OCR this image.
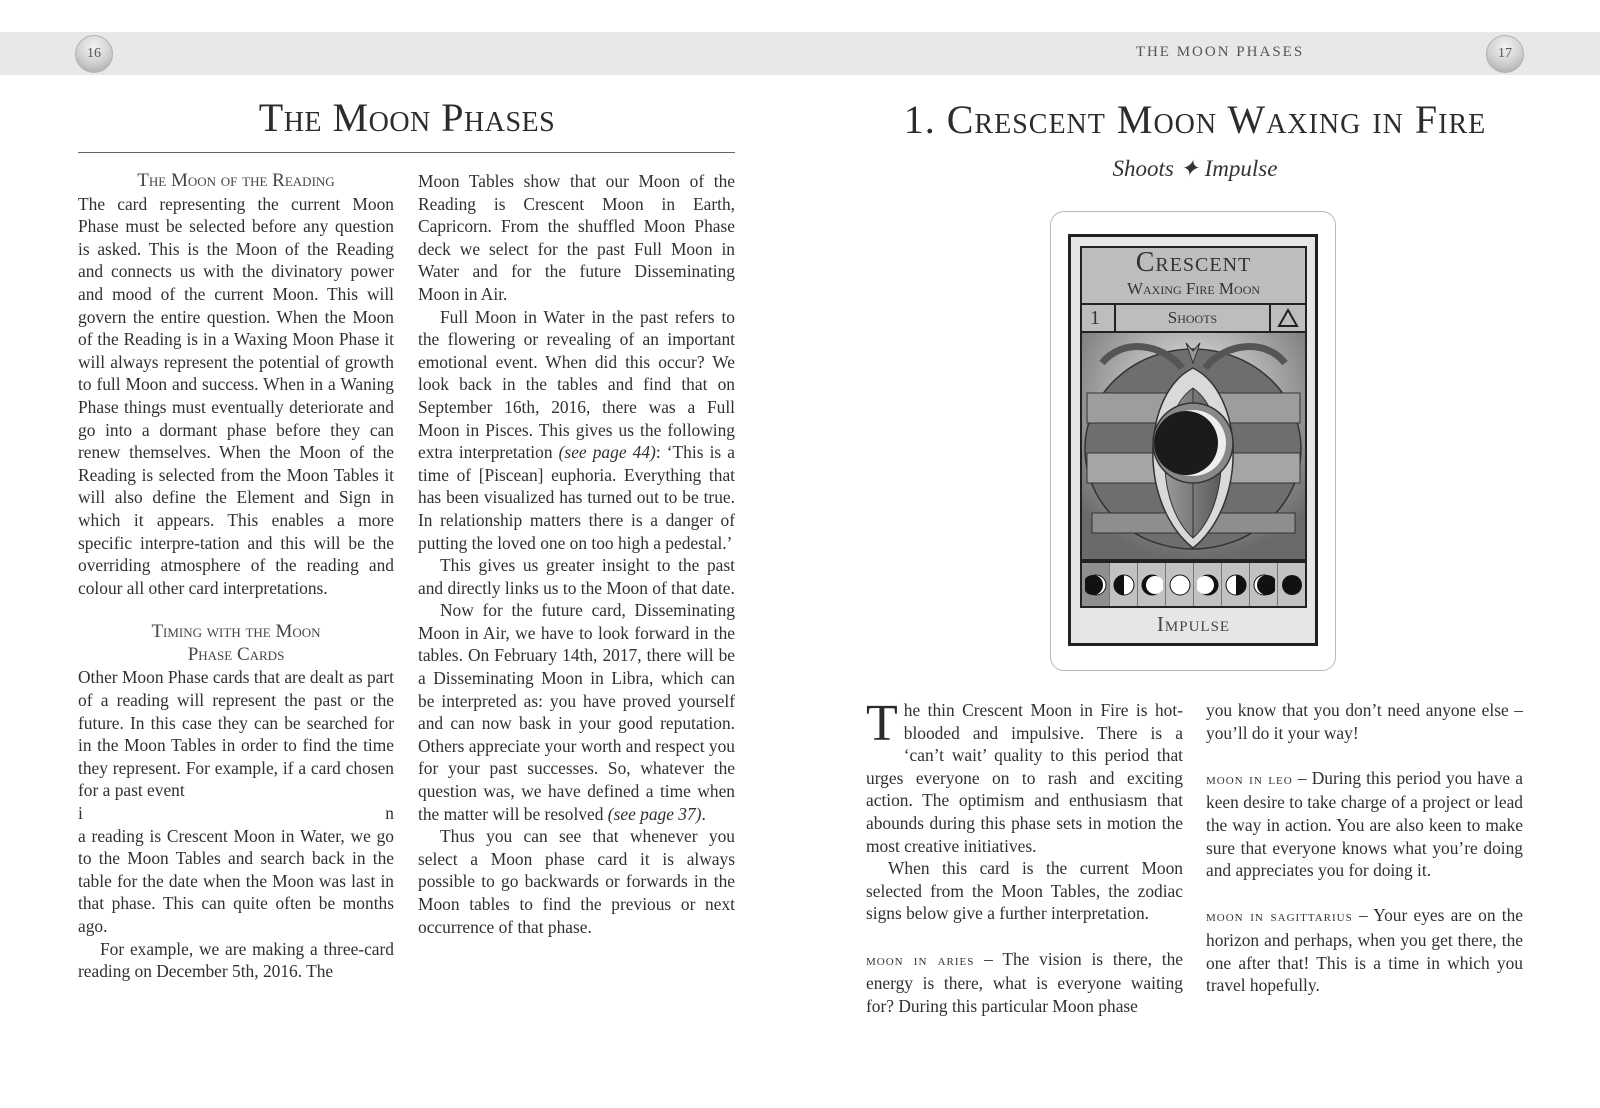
16	THE MOON PHASES	17
The Moon Phases
The Moon of the Reading

The card representing the current Moon Phase must be selected before any question is asked. This is the Moon of the Reading and connects us with the divinatory power and mood of the current Moon. This will govern the entire question. When the Moon of the Reading is in a Waxing Moon Phase it will always represent the potential of growth to full Moon and success. When in a Waning Phase things must eventually deteriorate and go into a dormant phase before they can renew themselves. When the Moon of the Reading is selected from the Moon Tables it will also define the Element and Sign in which it appears. This enables a more specific interpre-tation and this will be the overriding atmosphere of the reading and colour all other card interpretations.

Timing with the Moon
Phase Cards

Other Moon Phase cards that are dealt as part of a reading will represent the past or the future. In this case they can be searched for in the Moon Tables in order to find the time they represent. For example, if a card chosen for a past event

i	n

a reading is Crescent Moon in Water, we go to the Moon Tables and search back in the table for the date when the Moon was last in that phase. This can quite often be months ago.

For example, we are making a three-card reading on December 5th, 2016. The

Moon Tables show that our Moon of the Reading is Crescent Moon in Earth, Capricorn. From the shuffled Moon Phase deck we select for the past Full Moon in Water and for the future Disseminating Moon in Air.

Full Moon in Water in the past refers to the flowering or revealing of an important emotional event. When did this occur? We look back in the tables and find that on September 16th, 2016, there was a Full Moon in Pisces. This gives us the following extra interpretation (see page 44): ‘This is a time of [Piscean] euphoria. Everything that has been visualized has turned out to be true. In relationship matters there is a danger of putting the loved one on too high a pedestal.’

This gives us greater insight to the past and directly links us to the Moon of that date.

Now for the future card, Disseminating Moon in Air, we have to look forward in the tables. On February 14th, 2017, there will be a Disseminating Moon in Libra, which can be interpreted as: you have proved yourself and can now bask in your good reputation. Others appreciate your worth and respect you for your past successes. So, whatever the question was, we have defined a time when the matter will be resolved (see page 37).

Thus you can see that whenever you select a Moon phase card it is always possible to go backwards or forwards in the Moon tables to find the previous or next occurrence of that phase.

1. Crescent Moon Waxing in Fire
Shoots ✦ Impulse
Crescent
Waxing Fire Moon
1	Shoots
Impulse

The thin Crescent Moon in Fire is hot-blooded and impulsive. There is a ‘can’t wait’ quality to this period that urges everyone on to rash and exciting action. The optimism and enthusiasm that abounds during this phase sets in motion the most creative initiatives.

When this card is the current Moon selected from the Moon Tables, the zodiac signs below give a further interpretation.

moon in aries – The vision is there, the energy is there, what is everyone waiting for? During this particular Moon phase

you know that you don’t need anyone else – you’ll do it your way!

moon in leo – During this period you have a keen desire to take charge of a project or lead the way in action. You are also keen to make sure that everyone knows what you’re doing and appreciates you for doing it.

moon in sagittarius – Your eyes are on the horizon and perhaps, when you get there, the one after that! This is a time in which you travel hopefully.
